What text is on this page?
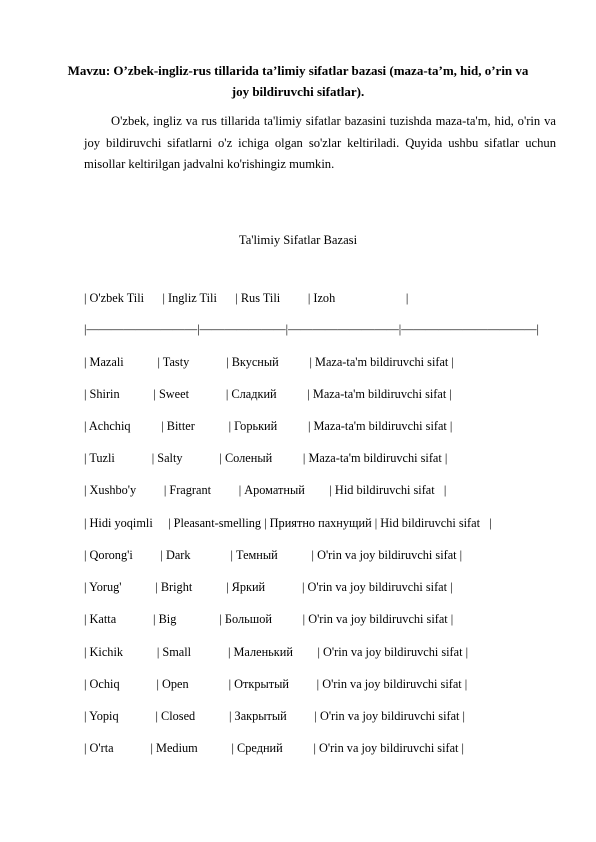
Mavzu: O’zbek-ingliz-rus tillarida ta’limiy sifatlar bazasi (maza-ta’m, hid, o’rin va joy bildiruvchi sifatlar).

O'zbek, ingliz va rus tillarida ta'limiy sifatlar bazasini tuzishda maza-ta'm, hid, o'rin va joy bildiruvchi sifatlarni o'z ichiga olgan so'zlar keltiriladi. Quyida ushbu sifatlar uchun misollar keltirilgan jadvalni ko'rishingiz mumkin.

Ta'limiy Sifatlar Bazasi

| O'zbek Tili      | Ingliz Tili      | Rus Tili         | Izoh                       |

|—————————|———————|—————————|———————————|

| Mazali           | Tasty            | Вкусный          | Maza-ta'm bildiruvchi sifat |

| Shirin           | Sweet            | Сладкий          | Maza-ta'm bildiruvchi sifat |

| Achchiq          | Bitter           | Горький          | Maza-ta'm bildiruvchi sifat |

| Tuzli            | Salty            | Соленый          | Maza-ta'm bildiruvchi sifat |

| Xushbo'y         | Fragrant         | Ароматный        | Hid bildiruvchi sifat   |

| Hidi yoqimli     | Pleasant-smelling | Приятно пахнущий | Hid bildiruvchi sifat   |

| Qorong'i         | Dark             | Темный           | O'rin va joy bildiruvchi sifat |

| Yorug'           | Bright           | Яркий            | O'rin va joy bildiruvchi sifat |

| Katta            | Big              | Большой          | O'rin va joy bildiruvchi sifat |

| Kichik           | Small            | Маленький        | O'rin va joy bildiruvchi sifat |

| Ochiq            | Open             | Открытый         | O'rin va joy bildiruvchi sifat |

| Yopiq            | Closed           | Закрытый         | O'rin va joy bildiruvchi sifat |

| O'rta            | Medium           | Средний          | O'rin va joy bildiruvchi sifat |
